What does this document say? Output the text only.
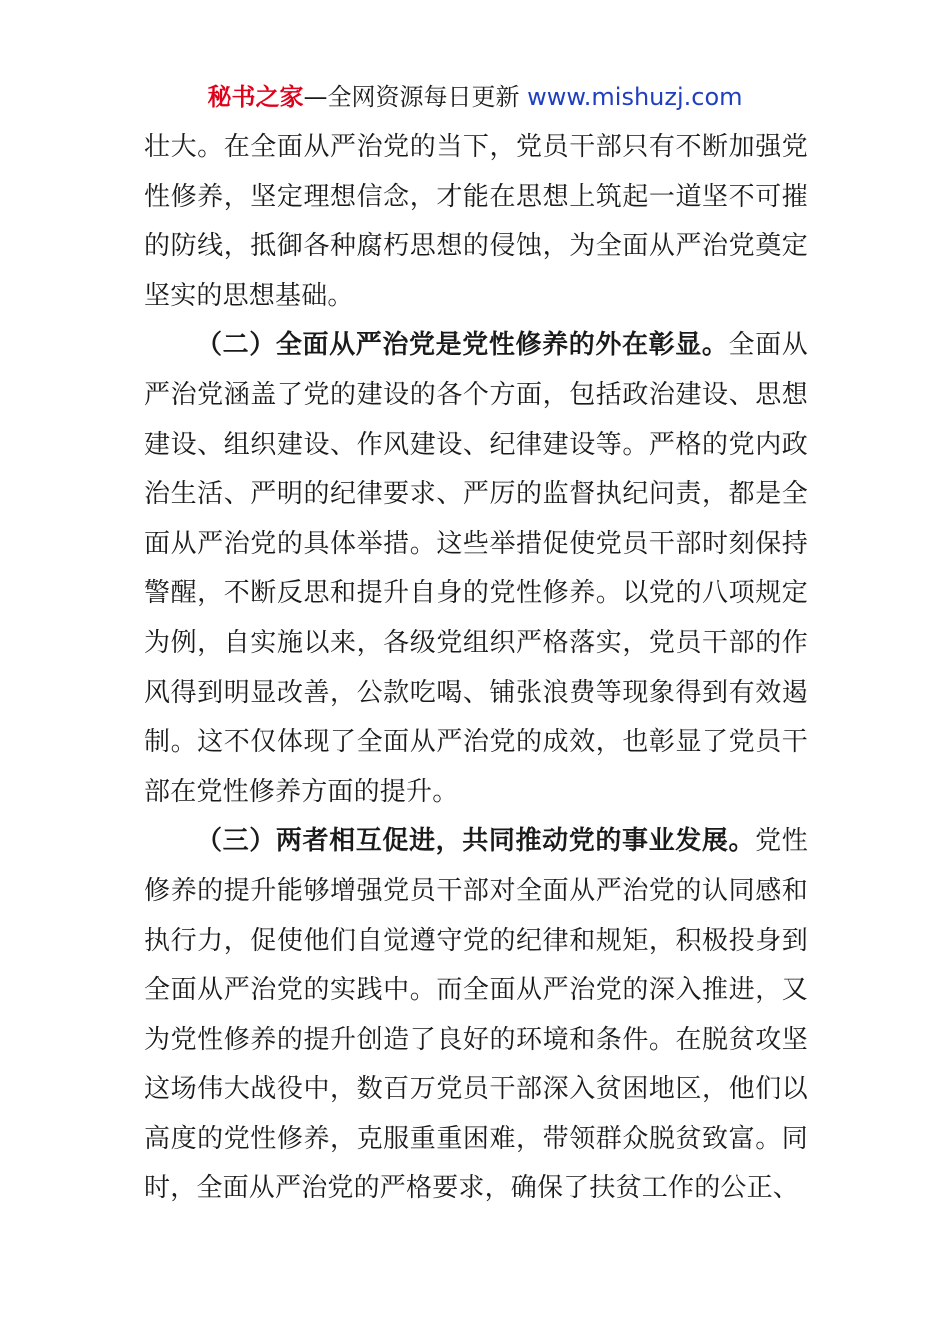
秘书之家—全网资源每日更新 www.mishuzj.com

壮大。在全面从严治党的当下，党员干部只有不断加强党性修养，坚定理想信念，才能在思想上筑起一道坚不可摧的防线，抵御各种腐朽思想的侵蚀，为全面从严治党奠定坚实的思想基础。

（二）全面从严治党是党性修养的外在彰显。全面从严治党涵盖了党的建设的各个方面，包括政治建设、思想建设、组织建设、作风建设、纪律建设等。严格的党内政治生活、严明的纪律要求、严厉的监督执纪问责，都是全面从严治党的具体举措。这些举措促使党员干部时刻保持警醒，不断反思和提升自身的党性修养。以党的八项规定为例，自实施以来，各级党组织严格落实，党员干部的作风得到明显改善，公款吃喝、铺张浪费等现象得到有效遏制。这不仅体现了全面从严治党的成效，也彰显了党员干部在党性修养方面的提升。

（三）两者相互促进，共同推动党的事业发展。党性修养的提升能够增强党员干部对全面从严治党的认同感和执行力，促使他们自觉遵守党的纪律和规矩，积极投身到全面从严治党的实践中。而全面从严治党的深入推进，又为党性修养的提升创造了良好的环境和条件。在脱贫攻坚这场伟大战役中，数百万党员干部深入贫困地区，他们以高度的党性修养，克服重重困难，带领群众脱贫致富。同时，全面从严治党的严格要求，确保了扶贫工作的公正、
